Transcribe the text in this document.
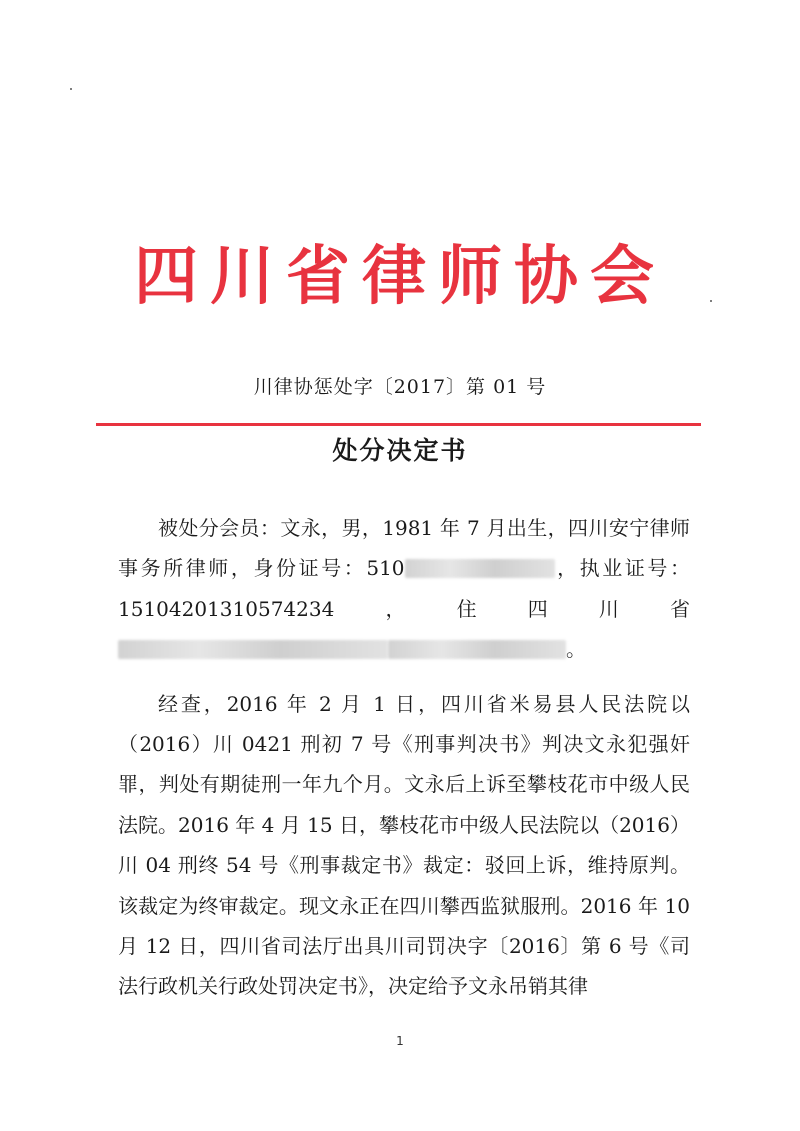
四川省律师协会
川律协惩处字〔2017〕第 01 号
处分决定书

被处分会员：文永，男，1981 年 7 月出生，四川安宁律师事务所律师，身份证号：510	，执业证号：15104201310574234，住四川省。

经查，2016 年 2 月 1 日，四川省米易县人民法院以（2016）川 0421 刑初 7 号《刑事判决书》判决文永犯强奸罪，判处有期徒刑一年九个月。文永后上诉至攀枝花市中级人民法院。2016 年 4 月 15 日，攀枝花市中级人民法院以（2016）川 04 刑终 54 号《刑事裁定书》裁定：驳回上诉，维持原判。该裁定为终审裁定。现文永正在四川攀西监狱服刑。2016 年 10 月 12 日，四川省司法厅出具川司罚决字〔2016〕第 6 号《司法行政机关行政处罚决定书》，决定给予文永吊销其律

1
